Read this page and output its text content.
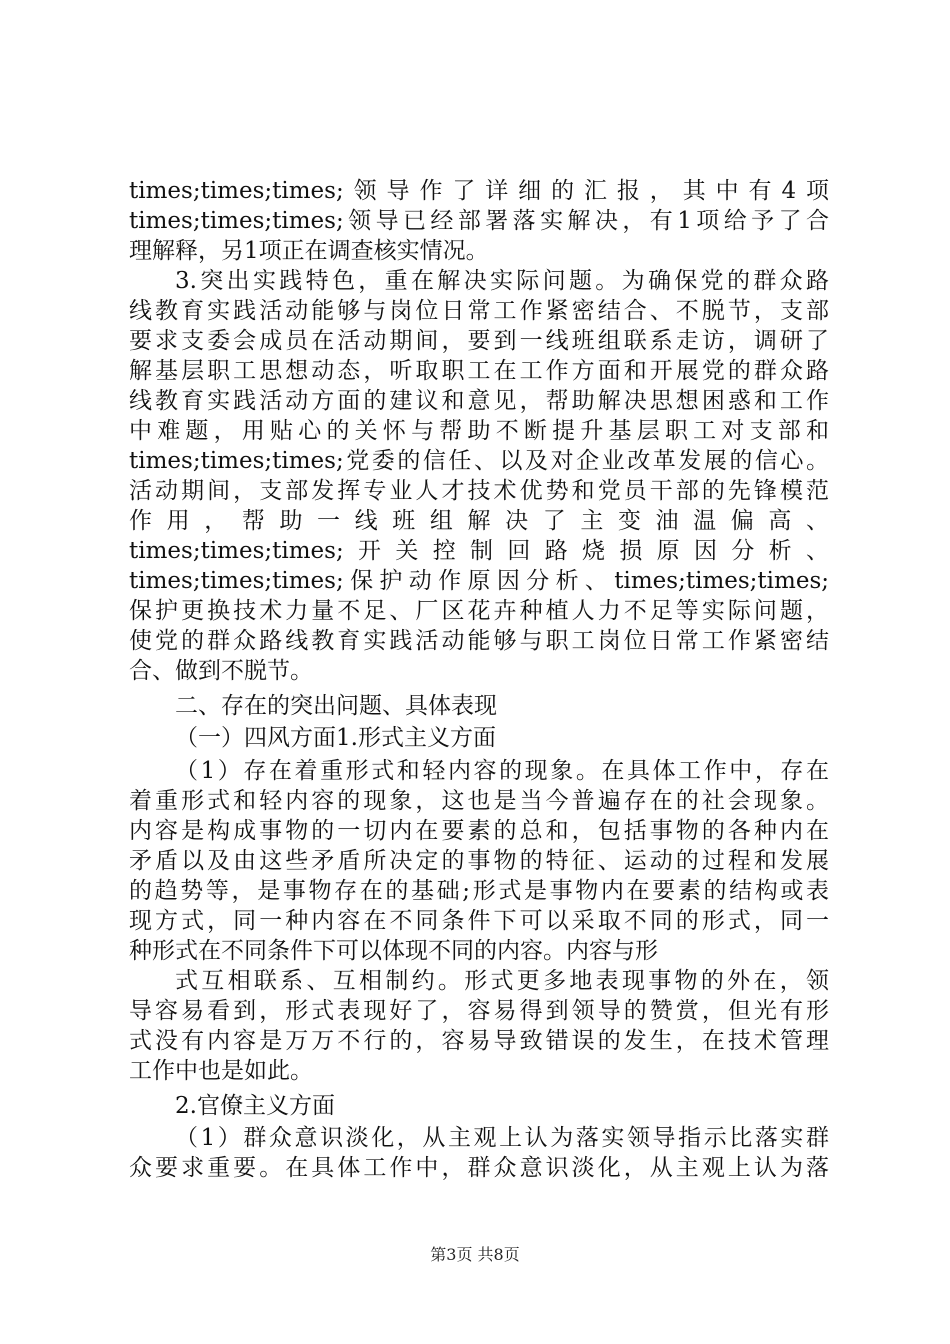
times;times;times;领导作了详细的汇报，其中有4项
times;times;times;领导已经部署落实解决，有1项给予了合
理解释，另1项正在调查核实情况。
3.突出实践特色，重在解决实际问题。为确保党的群众路
线教育实践活动能够与岗位日常工作紧密结合、不脱节，支部
要求支委会成员在活动期间，要到一线班组联系走访，调研了
解基层职工思想动态，听取职工在工作方面和开展党的群众路
线教育实践活动方面的建议和意见，帮助解决思想困惑和工作
中难题，用贴心的关怀与帮助不断提升基层职工对支部和
times;times;times;党委的信任、以及对企业改革发展的信心。
活动期间，支部发挥专业人才技术优势和党员干部的先锋模范
作用，帮助一线班组解决了主变油温偏高、
times;times;times;开关控制回路烧损原因分析、
times;times;times;保护动作原因分析、times;times;times;
保护更换技术力量不足、厂区花卉种植人力不足等实际问题，
使党的群众路线教育实践活动能够与职工岗位日常工作紧密结
合、做到不脱节。
二、存在的突出问题、具体表现
（一）四风方面1.形式主义方面
（1）存在着重形式和轻内容的现象。在具体工作中，存在
着重形式和轻内容的现象，这也是当今普遍存在的社会现象。
内容是构成事物的一切内在要素的总和，包括事物的各种内在
矛盾以及由这些矛盾所决定的事物的特征、运动的过程和发展
的趋势等，是事物存在的基础;形式是事物内在要素的结构或表
现方式，同一种内容在不同条件下可以采取不同的形式，同一
种形式在不同条件下可以体现不同的内容。内容与形
式互相联系、互相制约。形式更多地表现事物的外在，领
导容易看到，形式表现好了，容易得到领导的赞赏，但光有形
式没有内容是万万不行的，容易导致错误的发生，在技术管理
工作中也是如此。
2.官僚主义方面
（1）群众意识淡化，从主观上认为落实领导指示比落实群
众要求重要。在具体工作中，群众意识淡化，从主观上认为落
第3页 共8页
